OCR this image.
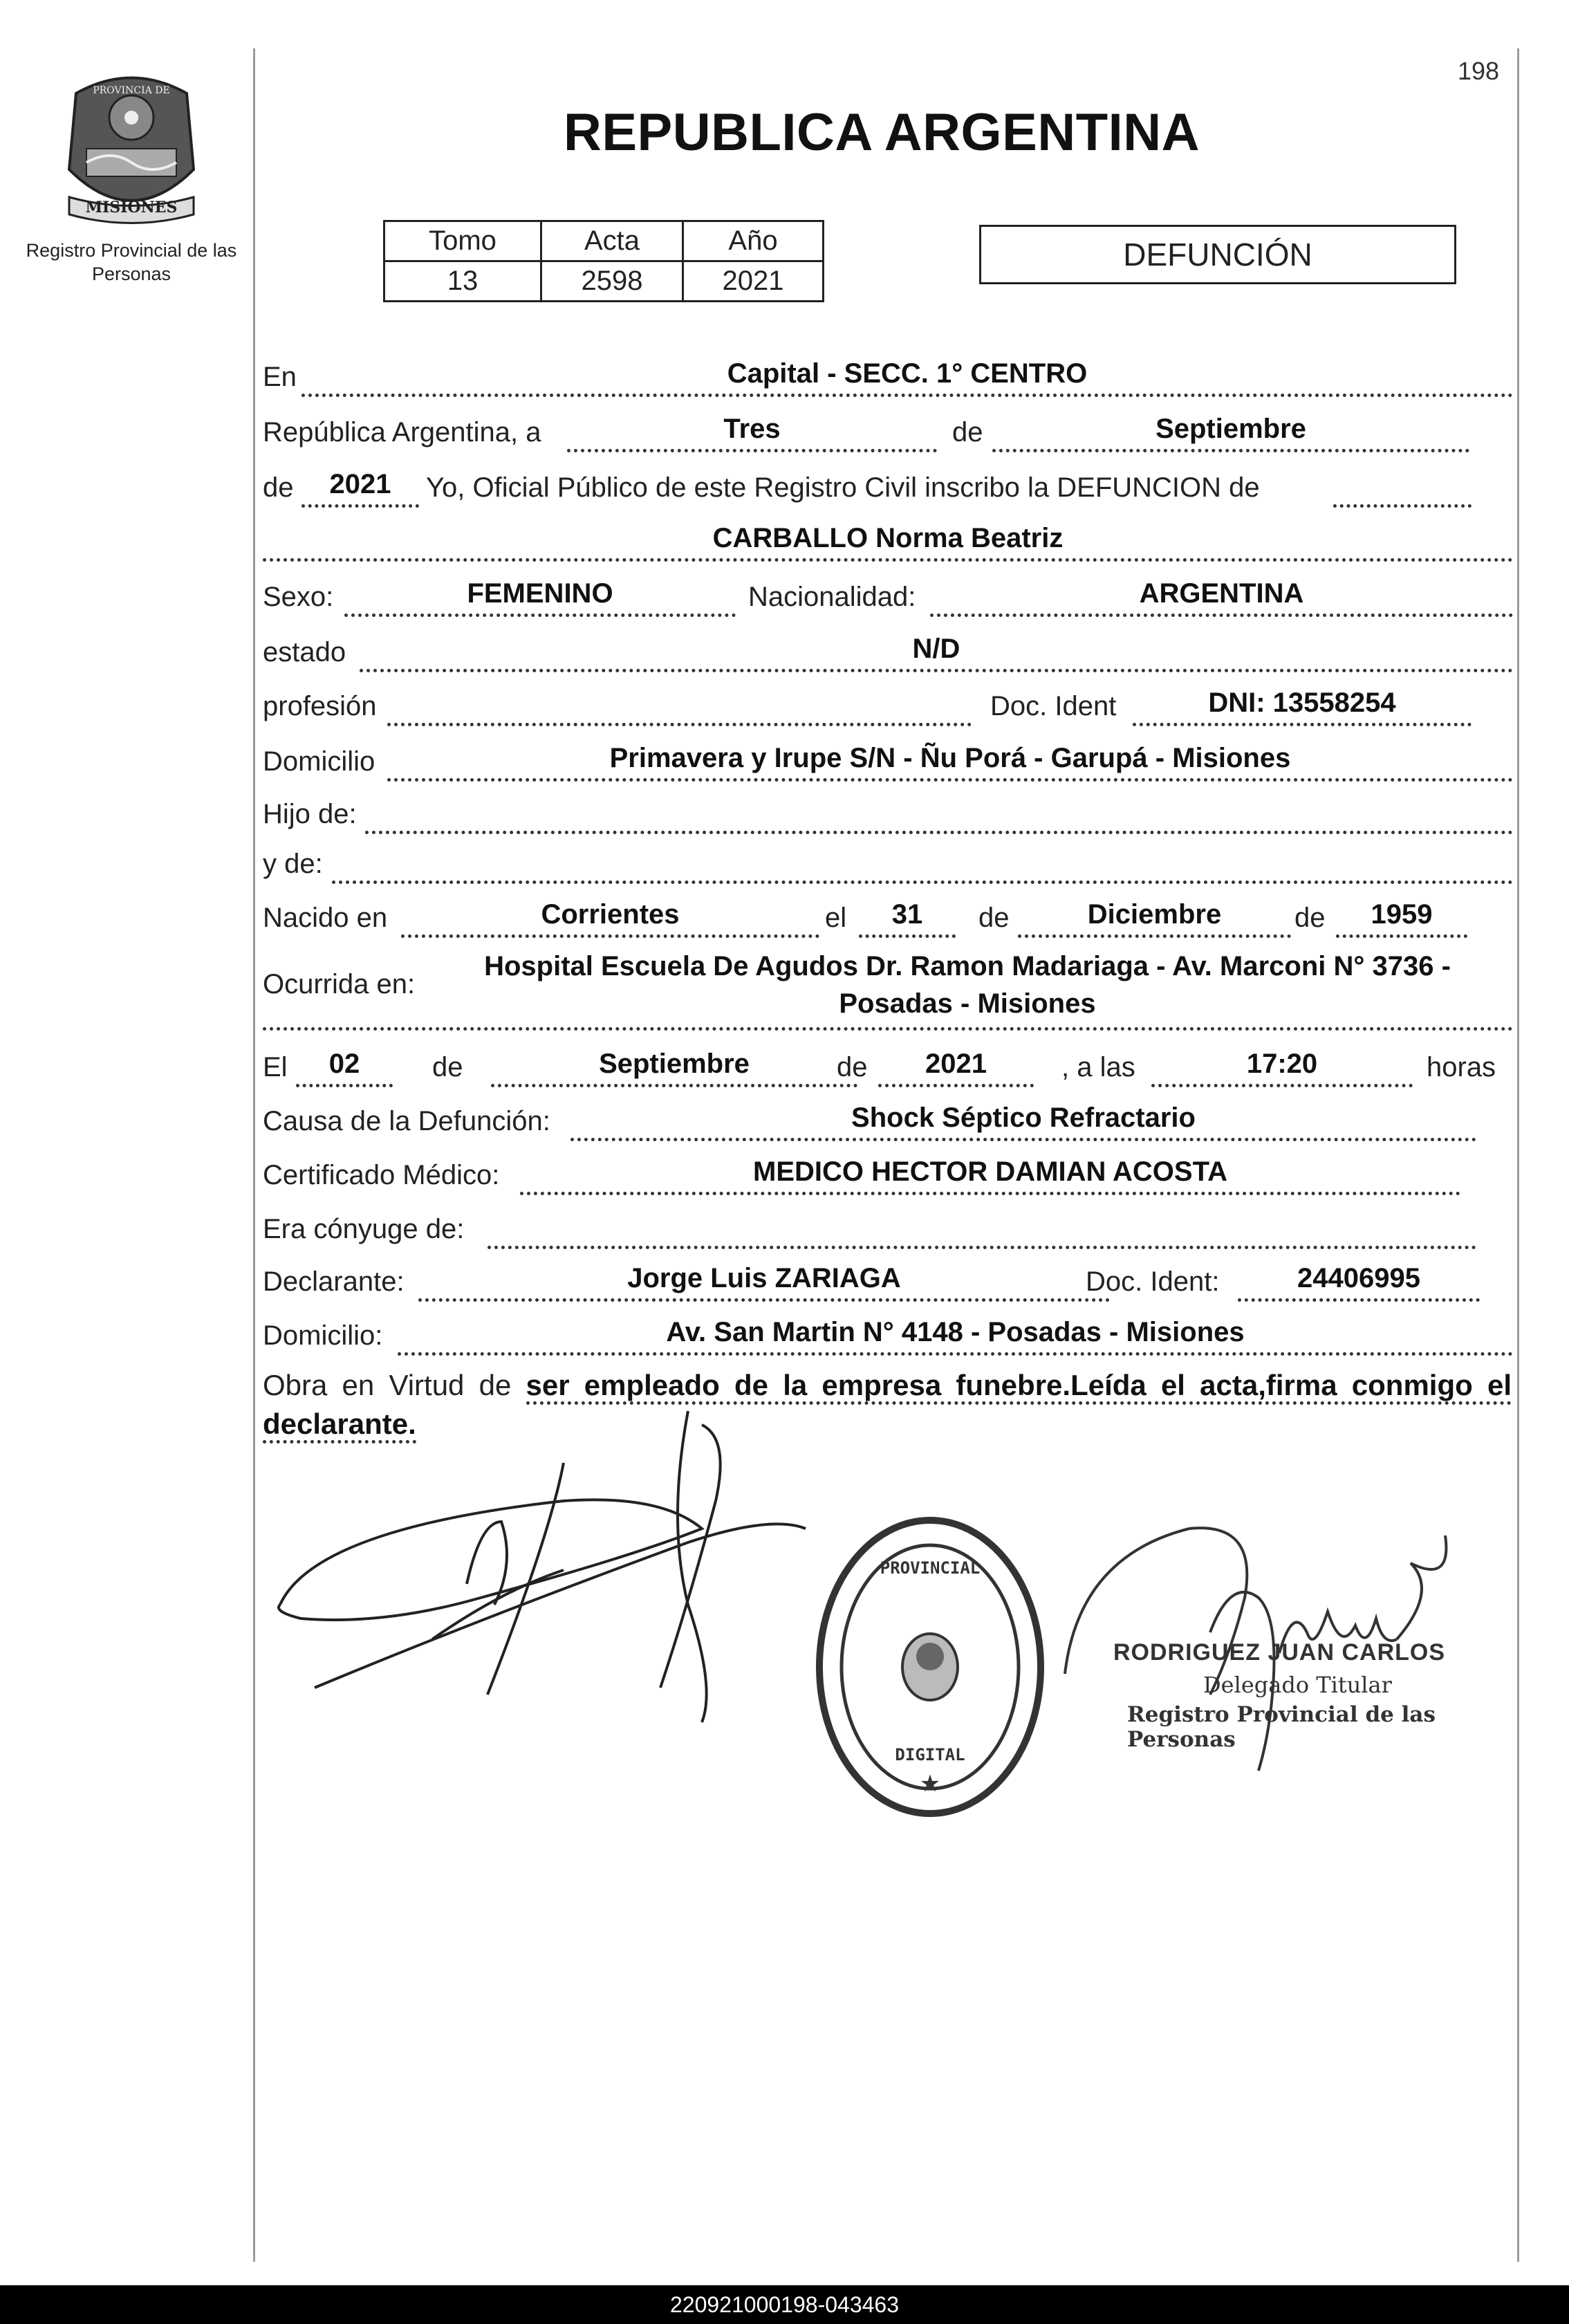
MISIONES
PROVINCIA DE
Registro Provincial de las Personas
198
REPUBLICA ARGENTINA
Tomo	Acta	Año
13	2598	2021
DEFUNCIÓN
En	Capital - SECC. 1° CENTRO
República Argentina, a	Tres	de	Septiembre
de 2021 Yo, Oficial Público de este Registro Civil inscribo la DEFUNCION de
CARBALLO Norma Beatriz
Sexo:	FEMENINO	Nacionalidad:	ARGENTINA
estado	N/D
profesión	Doc. Ident	DNI: 13558254
Domicilio	Primavera y Irupe S/N - Ñu Porá - Garupá - Misiones
Hijo de:
y de:
Nacido en	Corrientes	el 31 de	Diciembre	de 1959
Ocurrida en:
Hospital Escuela De Agudos Dr. Ramon Madariaga - Av. Marconi N° 3736 -
Posadas - Misiones
El 02	de	Septiembre	de 2021	, a las	17:20	horas
Causa de la Defunción:	Shock Séptico Refractario
Certificado Médico:	MEDICO HECTOR DAMIAN ACOSTA
Era cónyuge de:
Declarante:	Jorge Luis ZARIAGA	Doc. Ident:	24406995
Domicilio:	Av. San Martin N° 4148 - Posadas - Misiones
Obra en Virtud de ser empleado de la empresa funebre.Leída el acta,firma conmigo el declarante.
PROVINCIAL
DIGITAL
★
RODRIGUEZ JUAN CARLOS
Delegado Titular
Registro Provincial de las Personas
220921000198-043463
